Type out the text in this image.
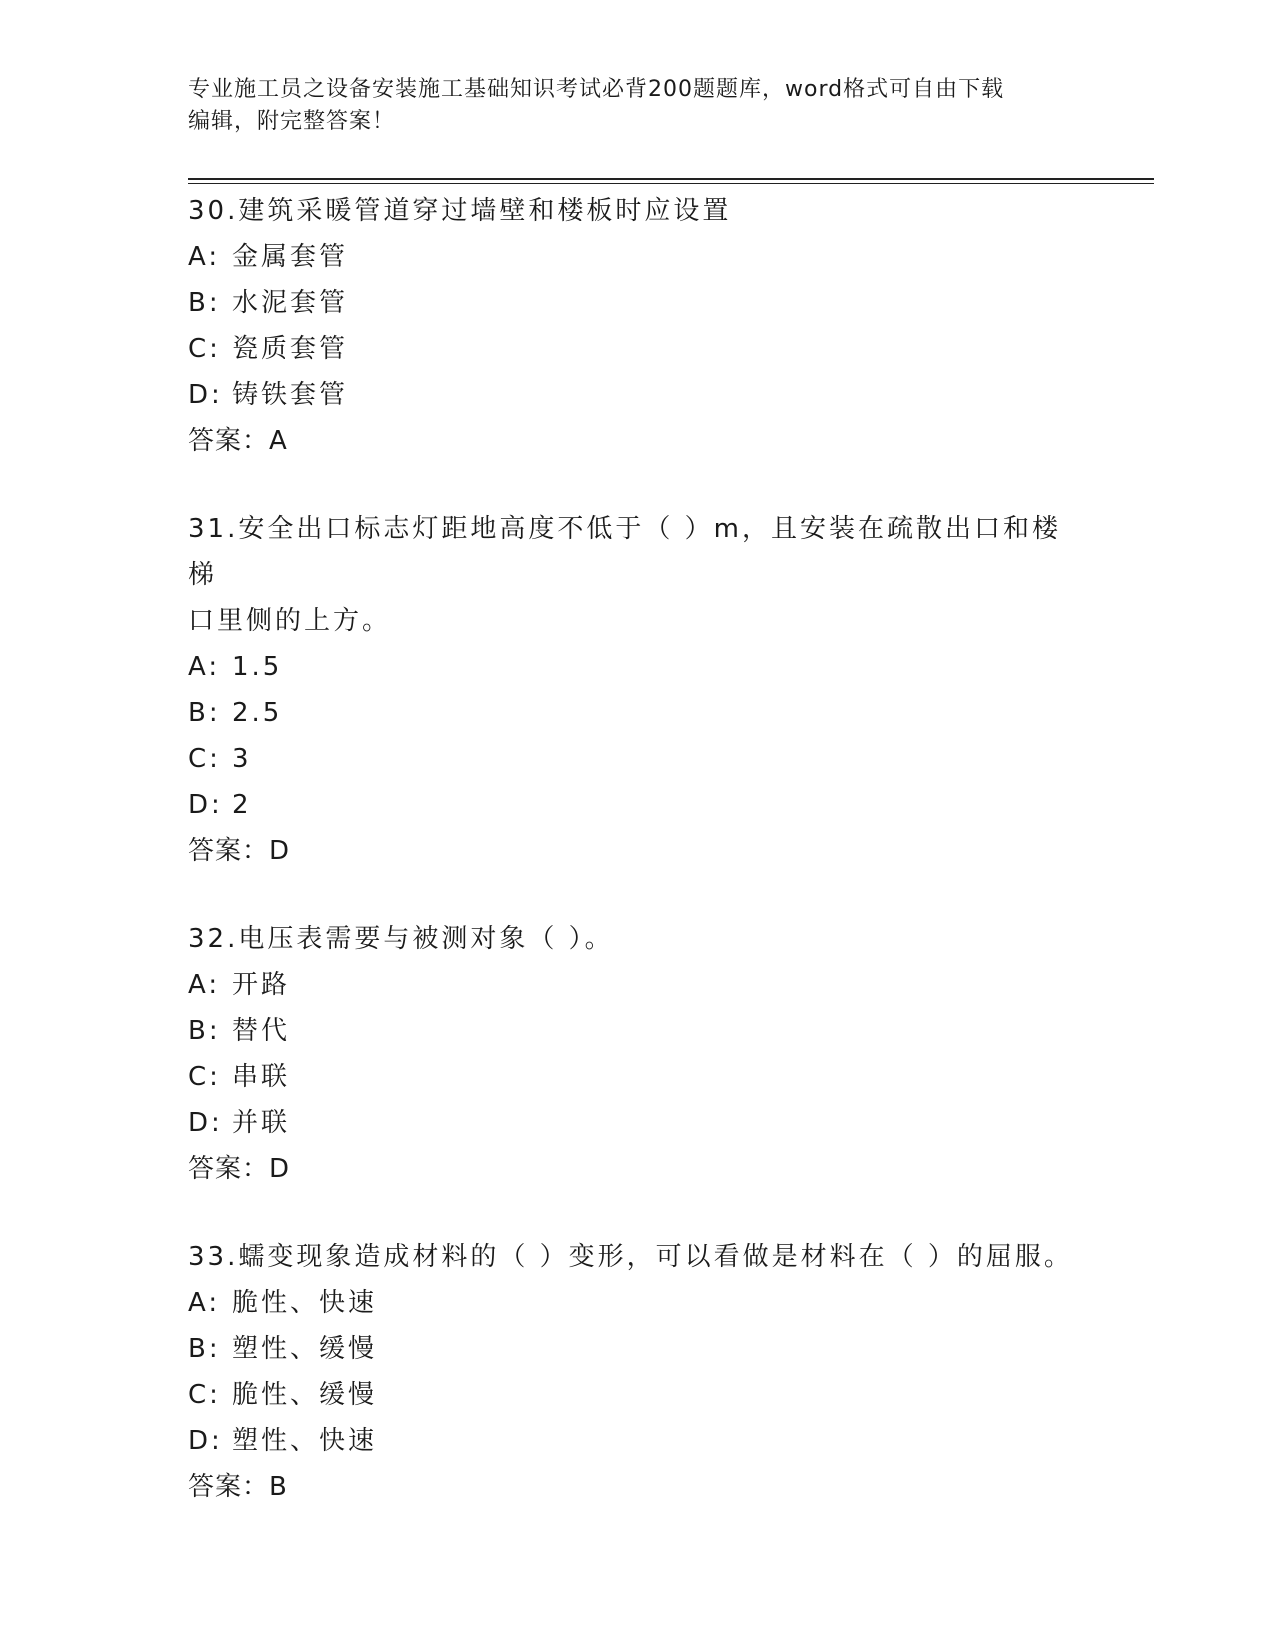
专业施工员之设备安装施工基础知识考试必背200题题库，word格式可自由下载
编辑，附完整答案！
30.建筑采暖管道穿过墙壁和楼板时应设置
A: 金属套管
B: 水泥套管
C: 瓷质套管
D: 铸铁套管
答案：A
31.安全出口标志灯距地高度不低于（ ）m，且安装在疏散出口和楼梯
口里侧的上方。
A: 1.5
B: 2.5
C: 3
D: 2
答案：D
32.电压表需要与被测对象（ ）。
A: 开路
B: 替代
C: 串联
D: 并联
答案：D
33.蠕变现象造成材料的（ ）变形，可以看做是材料在（ ）的屈服。
A: 脆性、快速
B: 塑性、缓慢
C: 脆性、缓慢
D: 塑性、快速
答案：B
